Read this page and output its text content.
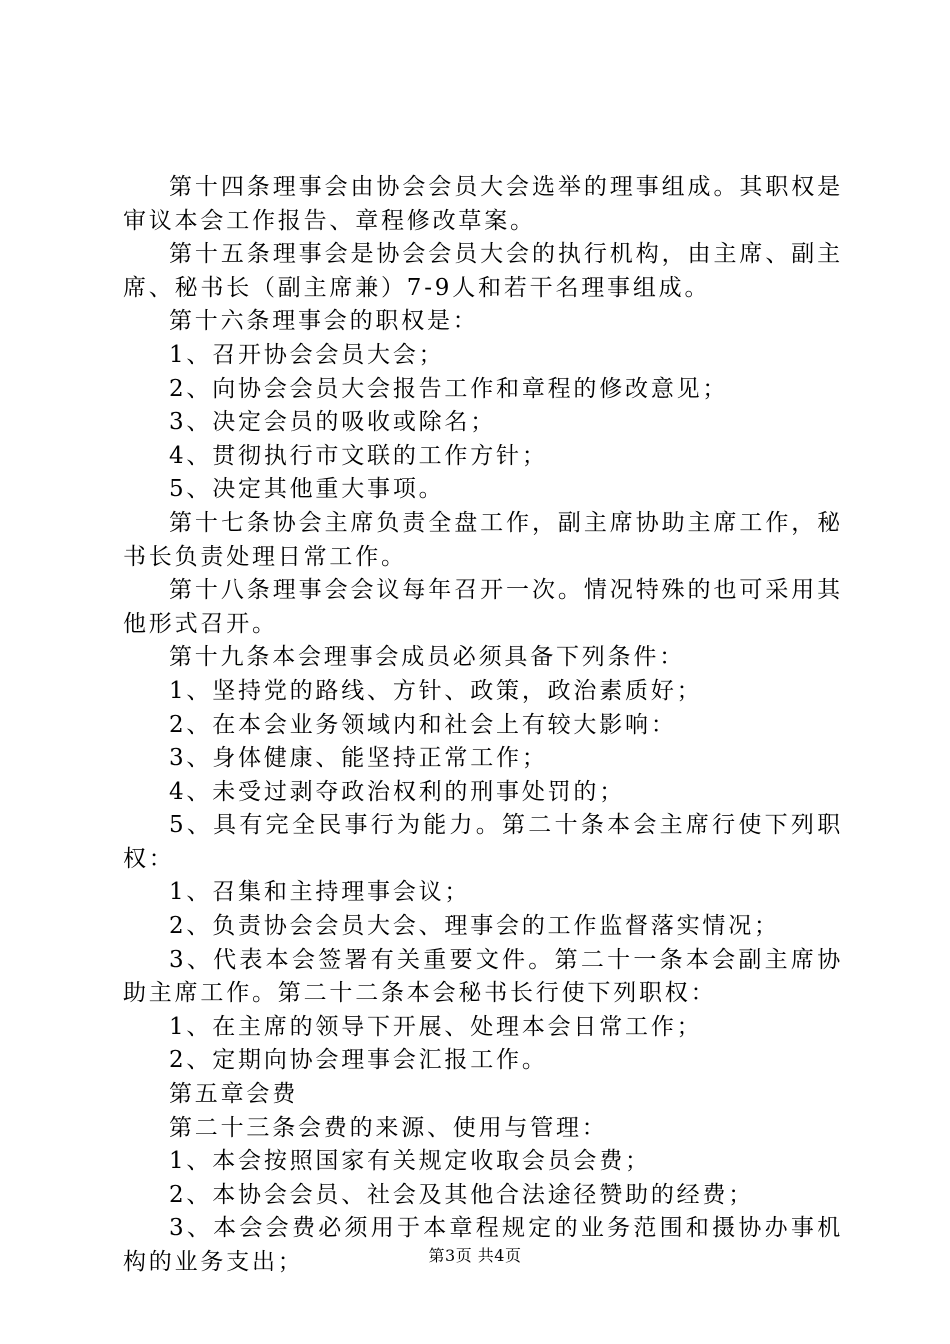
第十四条理事会由协会会员大会选举的理事组成。其职权是审议本会工作报告、章程修改草案。

第十五条理事会是协会会员大会的执行机构，由主席、副主席、秘书长（副主席兼）7-9人和若干名理事组成。

第十六条理事会的职权是：

1、召开协会会员大会；

2、向协会会员大会报告工作和章程的修改意见；

3、决定会员的吸收或除名；

4、贯彻执行市文联的工作方针；

5、决定其他重大事项。

第十七条协会主席负责全盘工作，副主席协助主席工作，秘书长负责处理日常工作。

第十八条理事会会议每年召开一次。情况特殊的也可采用其他形式召开。

第十九条本会理事会成员必须具备下列条件：

1、坚持党的路线、方针、政策，政治素质好；

2、在本会业务领域内和社会上有较大影响：

3、身体健康、能坚持正常工作；

4、未受过剥夺政治权利的刑事处罚的；

5、具有完全民事行为能力。第二十条本会主席行使下列职权：

1、召集和主持理事会议；

2、负责协会会员大会、理事会的工作监督落实情况；

3、代表本会签署有关重要文件。第二十一条本会副主席协助主席工作。第二十二条本会秘书长行使下列职权：

1、在主席的领导下开展、处理本会日常工作；

2、定期向协会理事会汇报工作。

第五章会费

第二十三条会费的来源、使用与管理：

1、本会按照国家有关规定收取会员会费；

2、本协会会员、社会及其他合法途径赞助的经费；

3、本会会费必须用于本章程规定的业务范围和摄协办事机构的业务支出；	第3页 共4页
